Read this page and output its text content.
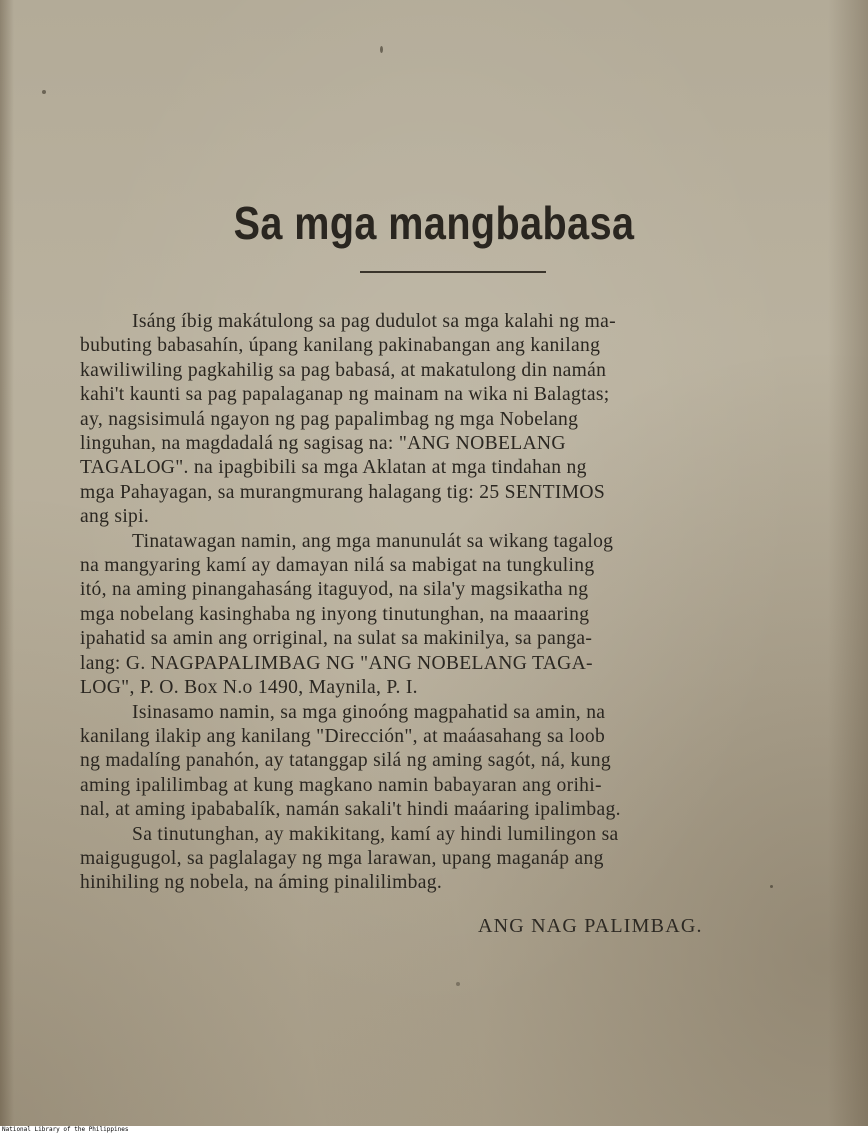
Sa mga mangbabasa

Isáng íbig makátulong sa pag dudulot sa mga kalahi ng ma-
bubuting babasahín, úpang kanilang pakinabangan ang kanilang
kawiliwiling pagkahilig sa pag babasá, at makatulong din namán
kahi't kaunti sa pag papalaganap ng mainam na wika ni Balagtas;
ay, nagsisimulá ngayon ng pag papalimbag ng mga Nobelang
linguhan, na magdadalá ng sagisag na: "ANG NOBELANG
TAGALOG". na ipagbibili sa mga Aklatan at mga tindahan ng
mga Pahayagan, sa murangmurang halagang tig: 25 SENTIMOS
ang sipi.

Tinatawagan namin, ang mga manunulát sa wikang tagalog
na mangyaring kamí ay damayan nilá sa mabigat na tungkuling
itó, na aming pinangahasáng itaguyod, na sila'y magsikatha ng
mga nobelang kasinghaba ng inyong tinutunghan, na maaaring
ipahatid sa amin ang orriginal, na sulat sa makinilya, sa panga-
lang: G. NAGPAPALIMBAG NG "ANG NOBELANG TAGA-
LOG", P. O. Box N.o 1490, Maynila, P. I.

Isinasamo namin, sa mga ginoóng magpahatid sa amin, na
kanilang ilakip ang kanilang "Dirección", at maáasahang sa loob
ng madalíng panahón, ay tatanggap silá ng aming sagót, ná, kung
aming ipalilimbag at kung magkano namin babayaran ang orihi-
nal, at aming ipababalík, namán sakali't hindi maáaring ipalimbag.

Sa tinutunghan, ay makikitang, kamí ay hindi lumilingon sa
maigugugol, sa paglalagay ng mga larawan, upang maganáp ang
hinihiling ng nobela, na áming pinalilimbag.

ANG NAG PALIMBAG.
National Library of the Philippines
